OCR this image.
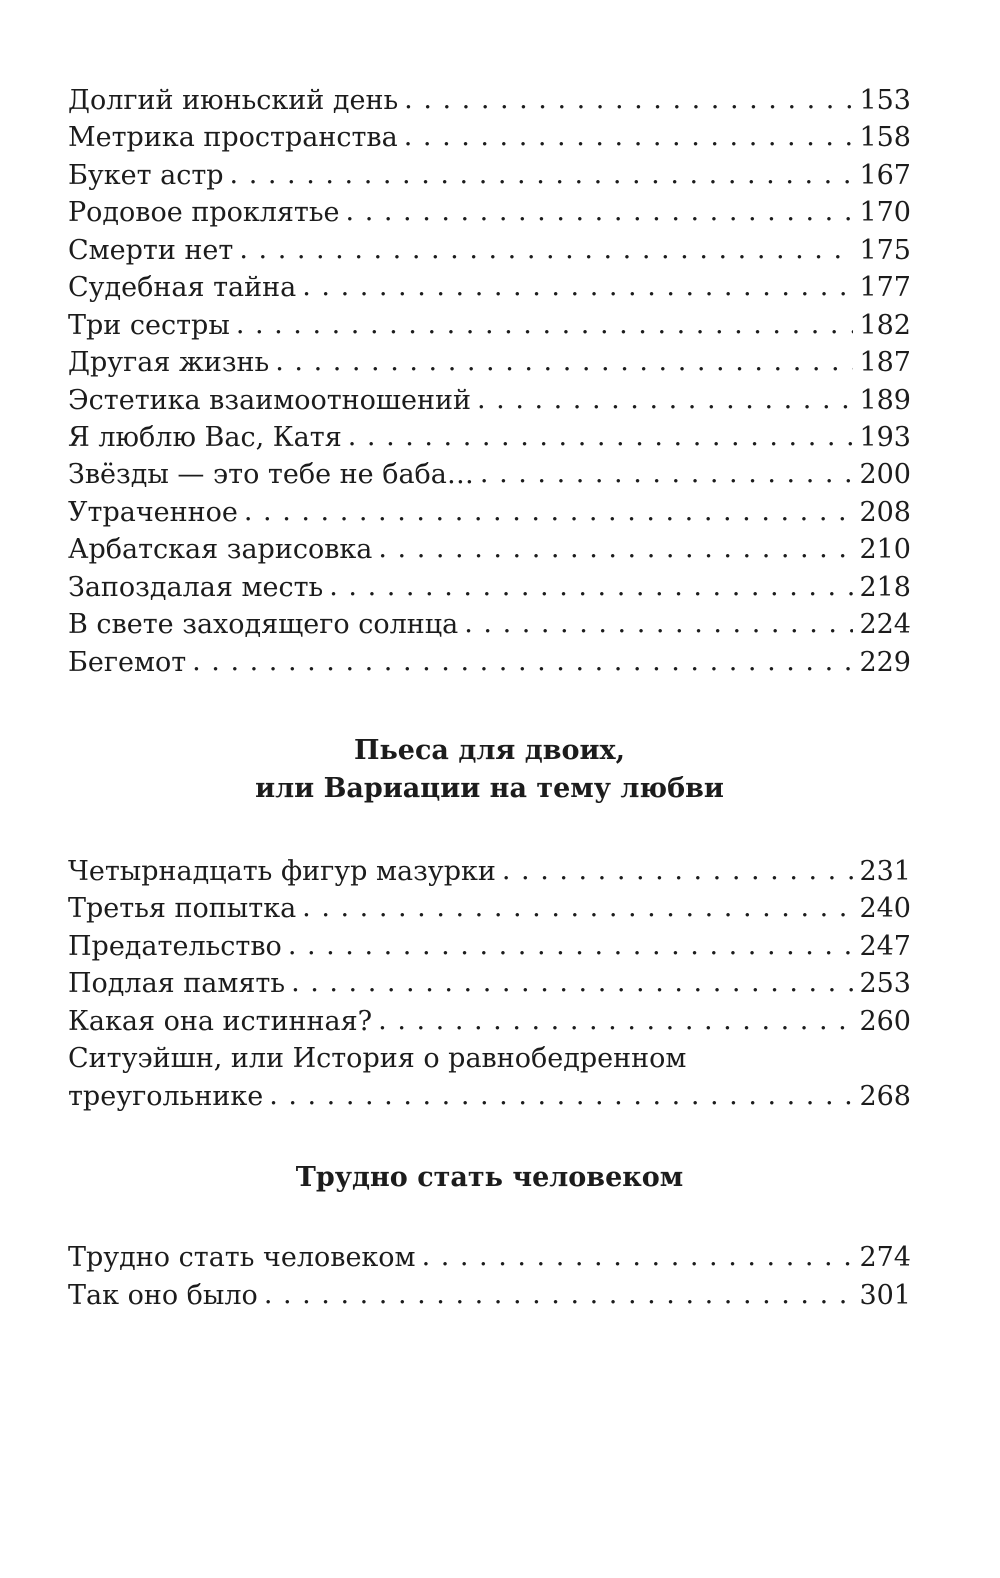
Долгий июньский день . . .	153
Метрика пространства . . .	158
Букет астр . . .	167
Родовое проклятье . . .	170
Смерти нет . . .	175
Судебная тайна . . .	177
Три сестры . . .	182
Другая жизнь . . .	187
Эстетика взаимоотношений . . .	189
Я люблю Вас, Катя . . .	193
Звёзды — это тебе не баба… . . .	200
Утраченное . . .	208
Арбатская зарисовка . . .	210
Запоздалая месть . . .	218
В свете заходящего солнца . . .	224
Бегемот . . .	229
Пьеса для двоих,
или Вариации на тему любви
Четырнадцать фигур мазурки . . .	231
Третья попытка . . .	240
Предательство . . .	247
Подлая память . . .	253
Какая она истинная? . . .	260
Ситуэйшн, или История о равнобедренном
треугольнике . . .	268
Трудно стать человеком
Трудно стать человеком . . .	274
Так оно было . . .	301
